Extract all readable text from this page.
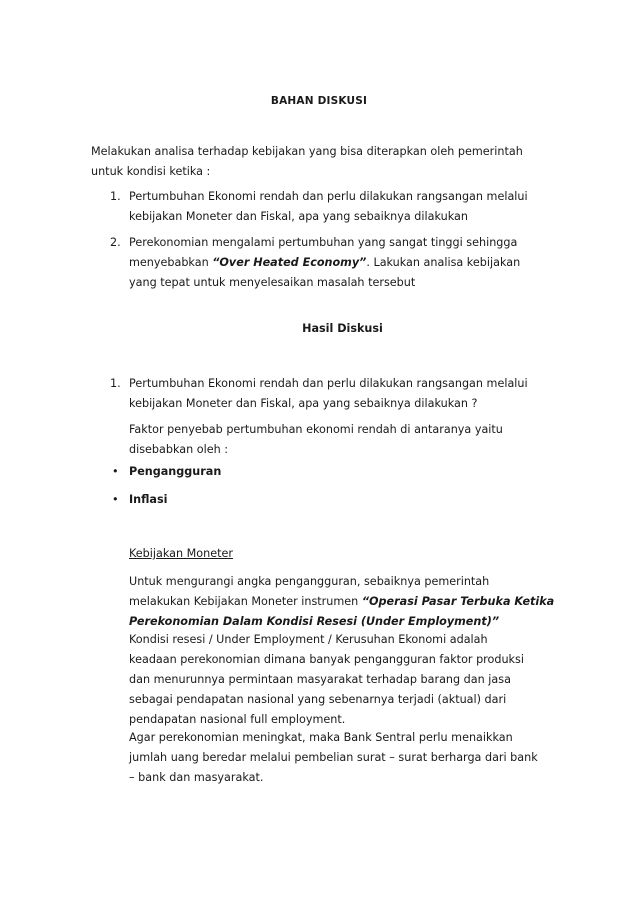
BAHAN DISKUSI
Melakukan analisa terhadap kebijakan yang bisa diterapkan oleh pemerintah
untuk kondisi ketika :
1. Pertumbuhan Ekonomi rendah dan perlu dilakukan rangsangan melalui
kebijakan Moneter dan Fiskal, apa yang sebaiknya dilakukan
2. Perekonomian mengalami pertumbuhan yang sangat tinggi sehingga
menyebabkan “Over Heated Economy”. Lakukan analisa kebijakan
yang tepat untuk menyelesaikan masalah tersebut
Hasil Diskusi
1. Pertumbuhan Ekonomi rendah dan perlu dilakukan rangsangan melalui
kebijakan Moneter dan Fiskal, apa yang sebaiknya dilakukan ?
Faktor penyebab pertumbuhan ekonomi rendah di antaranya yaitu
disebabkan oleh :
• Pengangguran
• Inflasi
Kebijakan Moneter
Untuk mengurangi angka pengangguran, sebaiknya pemerintah
melakukan Kebijakan Moneter instrumen “Operasi Pasar Terbuka Ketika
Perekonomian Dalam Kondisi Resesi (Under Employment)”
Kondisi resesi / Under Employment / Kerusuhan Ekonomi adalah
keadaan perekonomian dimana banyak pengangguran faktor produksi
dan menurunnya permintaan masyarakat terhadap barang dan jasa
sebagai pendapatan nasional yang sebenarnya terjadi (aktual) dari
pendapatan nasional full employment.
Agar perekonomian meningkat, maka Bank Sentral perlu menaikkan
jumlah uang beredar melalui pembelian surat – surat berharga dari bank
– bank dan masyarakat.
